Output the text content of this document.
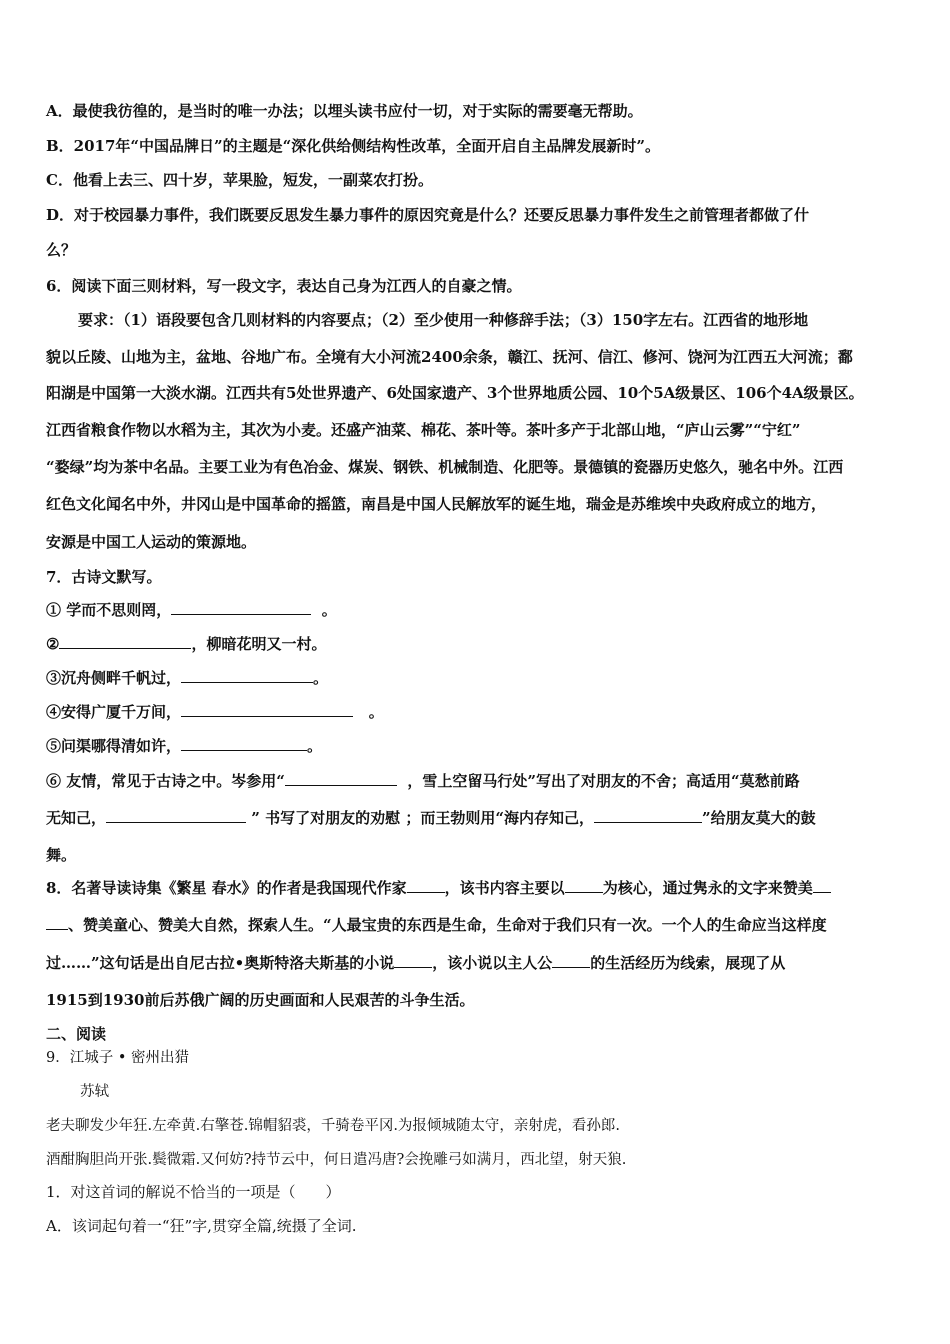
A．最使我彷徨的，是当时的唯一办法；以埋头读书应付一切，对于实际的需要毫无帮助。
B．2017年“中国品牌日”的主题是“深化供给侧结构性改革，全面开启自主品牌发展新时”。
C．他看上去三、四十岁，苹果脸，短发，一副菜农打扮。
D．对于校园暴力事件，我们既要反思发生暴力事件的原因究竟是什么？还要反思暴力事件发生之前管理者都做了什
么？
6．阅读下面三则材料，写一段文字，表达自己身为江西人的自豪之情。
要求：（1）语段要包含几则材料的内容要点；（2）至少使用一种修辞手法；（3）150字左右。江西省的地形地
貌以丘陵、山地为主，盆地、谷地广布。全境有大小河流2400余条，赣江、抚河、信江、修河、饶河为江西五大河流；鄱
阳湖是中国第一大淡水湖。江西共有5处世界遗产、6处国家遗产、3个世界地质公园、10个5A级景区、106个4A级景区。
江西省粮食作物以水稻为主，其次为小麦。还盛产油菜、棉花、茶叶等。茶叶多产于北部山地，“庐山云雾”“宁红”
“婺绿”均为茶中名品。主要工业为有色冶金、煤炭、钢铁、机械制造、化肥等。景德镇的瓷器历史悠久，驰名中外。江西
红色文化闻名中外，井冈山是中国革命的摇篮，南昌是中国人民解放军的诞生地，瑞金是苏维埃中央政府成立的地方，
安源是中国工人运动的策源地。
7．古诗文默写。
① 学而不思则罔，	。
②	，柳暗花明又一村。
③沉舟侧畔千帆过，	。
④安得广厦千万间，	。
⑤问渠哪得清如许，	。
⑥ 友情，常见于古诗之中。岑参用“	，雪上空留马行处”写出了对朋友的不舍；高适用“莫愁前路
无知己，	” 书写了对朋友的劝慰 ；而王勃则用“海内存知己，	”给朋友莫大的鼓
舞。
8．名著导读诗集《繁星 春水》的作者是我国现代作家	，该书内容主要以	为核心，通过隽永的文字来赞美
、赞美童心、赞美大自然，探索人生。“人最宝贵的东西是生命，生命对于我们只有一次。一个人的生命应当这样度
过……”这句话是出自尼古拉•奥斯特洛夫斯基的小说	，该小说以主人公	的生活经历为线索，展现了从
1915到1930前后苏俄广阔的历史画面和人民艰苦的斗争生活。
二、阅读
9．江城子 • 密州出猎
苏轼
老夫聊发少年狂.左牵黄.右擎苍.锦帽貂裘，千骑卷平冈.为报倾城随太守，亲射虎，看孙郎.
酒酣胸胆尚开张.鬓微霜.又何妨?持节云中，何日遣冯唐?会挽雕弓如满月，西北望，射天狼.
1．对这首词的解说不恰当的一项是（　　）
A．该词起句着一“狂”字,贯穿全篇,统摄了全词.
